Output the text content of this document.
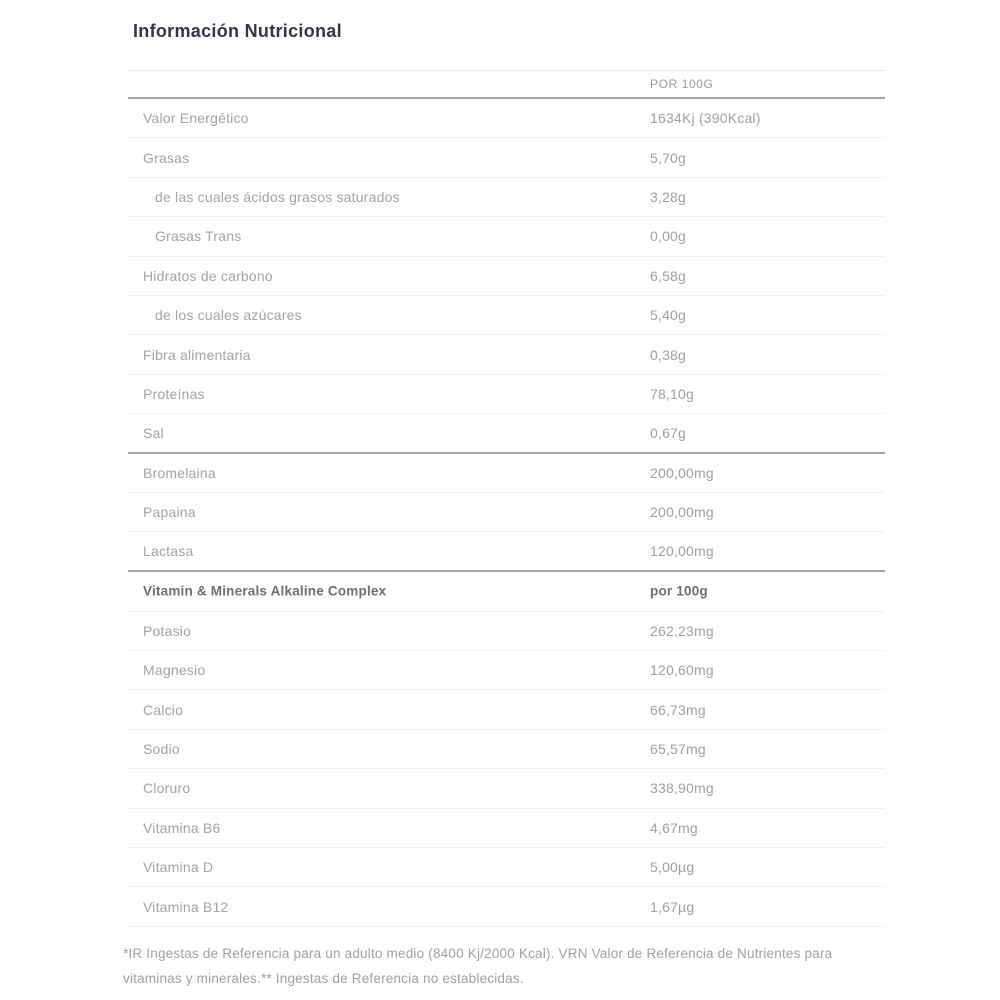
Información Nutricional
POR 100G
Valor Energético	1634Kj (390Kcal)
Grasas	5,70g
de las cuales ácidos grasos saturados	3,28g
Grasas Trans	0,00g
Hidratos de carbono	6,58g
de los cuales azúcares	5,40g
Fibra alimentaria	0,38g
Proteínas	78,10g
Sal	0,67g
Bromelaina	200,00mg
Papaina	200,00mg
Lactasa	120,00mg
Vitamin & Minerals Alkaline Complex	por 100g
Potasio	262,23mg
Magnesio	120,60mg
Calcio	66,73mg
Sodio	65,57mg
Cloruro	338,90mg
Vitamina B6	4,67mg
Vitamina D	5,00µg
Vitamina B12	1,67µg
*IR Ingestas de Referencia para un adulto medio (8400 Kj/2000 Kcal). VRN Valor de Referencia de Nutrientes para vitaminas y minerales.** Ingestas de Referencia no establecidas.
